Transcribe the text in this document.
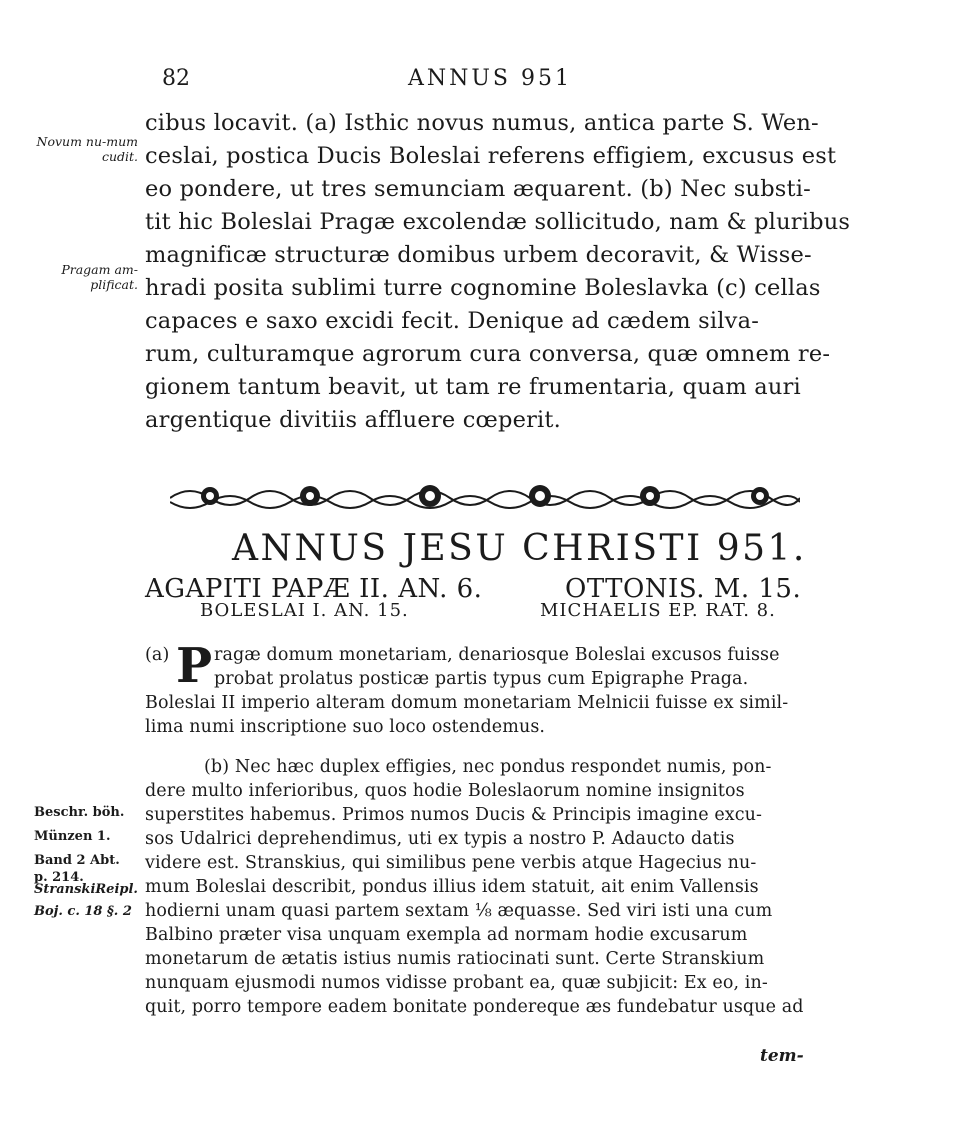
82	ANNUS 951
Novum nu-mum cudit.
Pragam am-plificat.
cibus locavit. (a) Isthic novus numus, antica parte S. Wen-
ceslai, postica Ducis Boleslai referens effigiem, excusus est
eo pondere, ut tres semunciam æquarent. (b) Nec substi-
tit hic Boleslai Pragæ excolendæ sollicitudo, nam & pluribus
magnificæ structuræ domibus urbem decoravit, & Wisse-
hradi posita sublimi turre cognomine Boleslavka (c) cellas
capaces e saxo excidi fecit. Denique ad cædem silva-
rum, culturamque agrorum cura conversa, quæ omnem re-
gionem tantum beavit, ut tam re frumentaria, quam auri
argentique divitiis affluere cœperit.
ANNUS JESU CHRISTI 951.
AGAPITI PAPÆ II. AN. 6.
BOLESLAI I. AN. 15.
OTTONIS. M. 15.
MICHAELIS EP. RAT. 8.
(a) P ragæ domum monetariam, denariosque Boleslai excusos fuisse
probat prolatus posticæ partis typus cum Epigraphe Praga.
Boleslai II imperio alteram domum monetariam Melnicii fuisse ex simil-
lima numi inscriptione suo loco ostendemus.
(b) Nec hæc duplex effigies, nec pondus respondet numis, pon-
dere multo inferioribus, quos hodie Boleslaorum nomine insignitos
superstites habemus. Primos numos Ducis & Principis imagine excu-
sos Udalrici deprehendimus, uti ex typis a nostro P. Adaucto datis
videre est. Stranskius, qui similibus pene verbis atque Hagecius nu-
mum Boleslai describit, pondus illius idem statuit, ait enim Vallensis
hodierni unam quasi partem sextam ⅛ æquasse. Sed viri isti una cum
Balbino præter visa unquam exempla ad normam hodie excusarum
monetarum de ætatis istius numis ratiocinati sunt. Certe Stranskium
nunquam ejusmodi numos vidisse probant ea, quæ subjicit: Ex eo, in-
quit, porro tempore eadem bonitate pondereque æs fundebatur usque ad
tem-
Beschr. böh.
Münzen 1.
Band 2 Abt.
p. 214.
StranskiReipl.
Boj. c. 18 §. 2
